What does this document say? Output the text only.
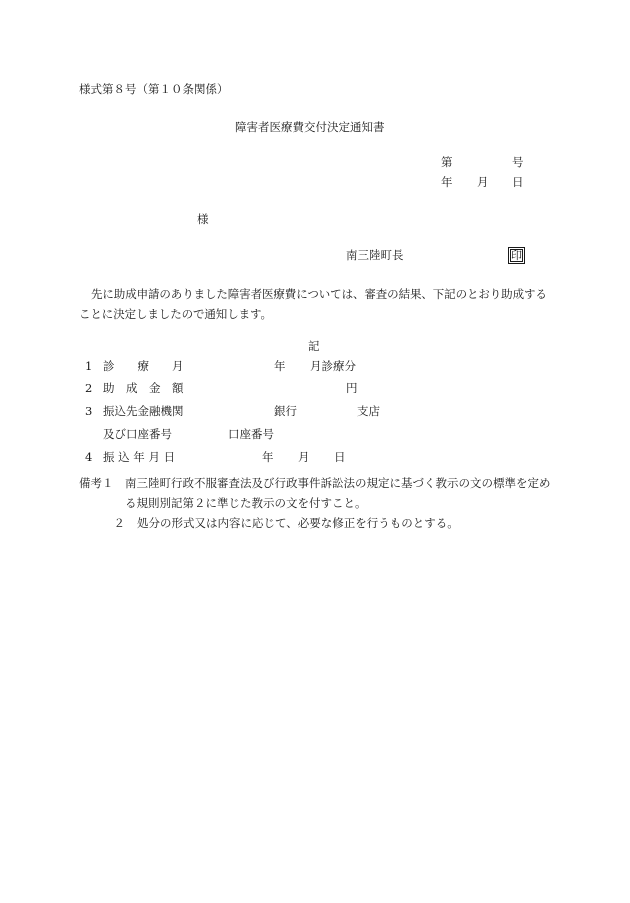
様式第８号（第１０条関係）
障害者医療費交付決定通知書
第	号
年 月 日
様
南三陸町長	印
先に助成申請のありました障害者医療費については、審査の結果、下記のとおり助成することに決定しましたので通知します。
記
1 診　　療　　月	年 月診療分
2 助　成　金　額	円
3 振込先金融機関	銀行	支店
及び口座番号	口座番号
4 振 込 年 月 日	年 月 日
備考１	南三陸町行政不服審査法及び行政事件訴訟法の規定に基づく教示の文の標準を定める規則別記第２に準じた教示の文を付すこと。
２	処分の形式又は内容に応じて、必要な修正を行うものとする。
